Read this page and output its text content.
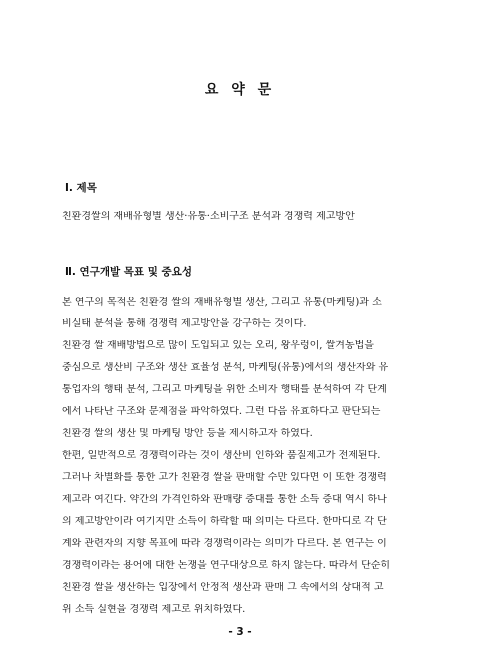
요 약 문
Ⅰ. 제목
친환경쌀의 재배유형별 생산·유통·소비구조 분석과 경쟁력 제고방안
Ⅱ. 연구개발 목표 및 중요성
본 연구의 목적은 친환경 쌀의 재배유형별 생산, 그리고 유통(마케팅)과 소
비실태 분석을 통해 경쟁력 제고방안을 강구하는 것이다.
친환경 쌀 재배방법으로 많이 도입되고 있는 오리, 왕우렁이, 쌀겨농법을
중심으로 생산비 구조와 생산 효율성 분석, 마케팅(유통)에서의 생산자와 유
통업자의 행태 분석, 그리고 마케팅을 위한 소비자 행태를 분석하여 각 단계
에서 나타난 구조와 문제점을 파악하였다. 그런 다음 유효하다고 판단되는
친환경 쌀의 생산 및 마케팅 방안 등을 제시하고자 하였다.
한편, 일반적으로 경쟁력이라는 것이 생산비 인하와 품질제고가 전제된다.
그러나 차별화를 통한 고가 친환경 쌀을 판매할 수만 있다면 이 또한 경쟁력
제고라 여긴다. 약간의 가격인하와 판매량 증대를 통한 소득 증대 역시 하나
의 제고방안이라 여기지만 소득이 하락할 때 의미는 다르다. 한마디로 각 단
계와 관련자의 지향 목표에 따라 경쟁력이라는 의미가 다르다. 본 연구는 이
경쟁력이라는 용어에 대한 논쟁을 연구대상으로 하지 않는다. 따라서 단순히
친환경 쌀을 생산하는 입장에서 안정적 생산과 판매 그 속에서의 상대적 고
위 소득 실현을 경쟁력 제고로 위치하였다.
- 3 -
